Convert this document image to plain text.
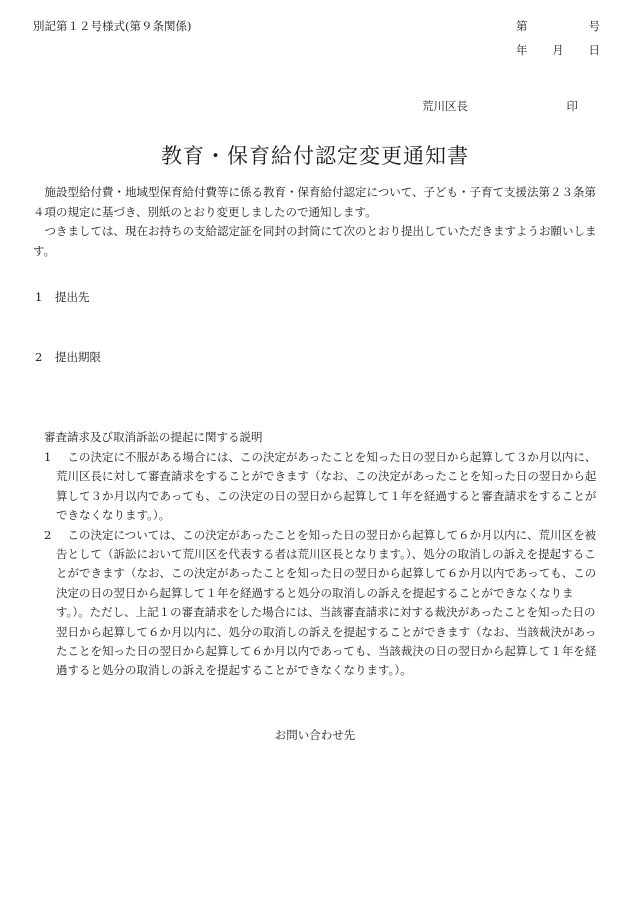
別記第１２号様式(第９条関係)	第	号
年 月 日
荒川区長	印
教育・保育給付認定変更通知書

施設型給付費・地域型保育給付費等に係る教育・保育給付認定について、子ども・子育て支援法第２３条第４項の規定に基づき、別紙のとおり変更しましたので通知します。

つきましては、現在お持ちの支給認定証を同封の封筒にて次のとおり提出していただきますようお願いします。

1 提出先
2 提出期限
審査請求及び取消訴訟の提起に関する説明
1	この決定に不服がある場合には、この決定があったことを知った日の翌日から起算して３か月以内に、荒川区長に対して審査請求をすることができます（なお、この決定があったことを知った日の翌日から起算して３か月以内であっても、この決定の日の翌日から起算して１年を経過すると審査請求をすることができなくなります。）。
2	この決定については、この決定があったことを知った日の翌日から起算して６か月以内に、荒川区を被告として（訴訟において荒川区を代表する者は荒川区長となります。）、処分の取消しの訴えを提起することができます（なお、この決定があったことを知った日の翌日から起算して６か月以内であっても、この決定の日の翌日から起算して１年を経過すると処分の取消しの訴えを提起することができなくなります。）。ただし、上記１の審査請求をした場合には、当該審査請求に対する裁決があったことを知った日の翌日から起算して６か月以内に、処分の取消しの訴えを提起することができます（なお、当該裁決があったことを知った日の翌日から起算して６か月以内であっても、当該裁決の日の翌日から起算して１年を経過すると処分の取消しの訴えを提起することができなくなります。）。
お問い合わせ先
